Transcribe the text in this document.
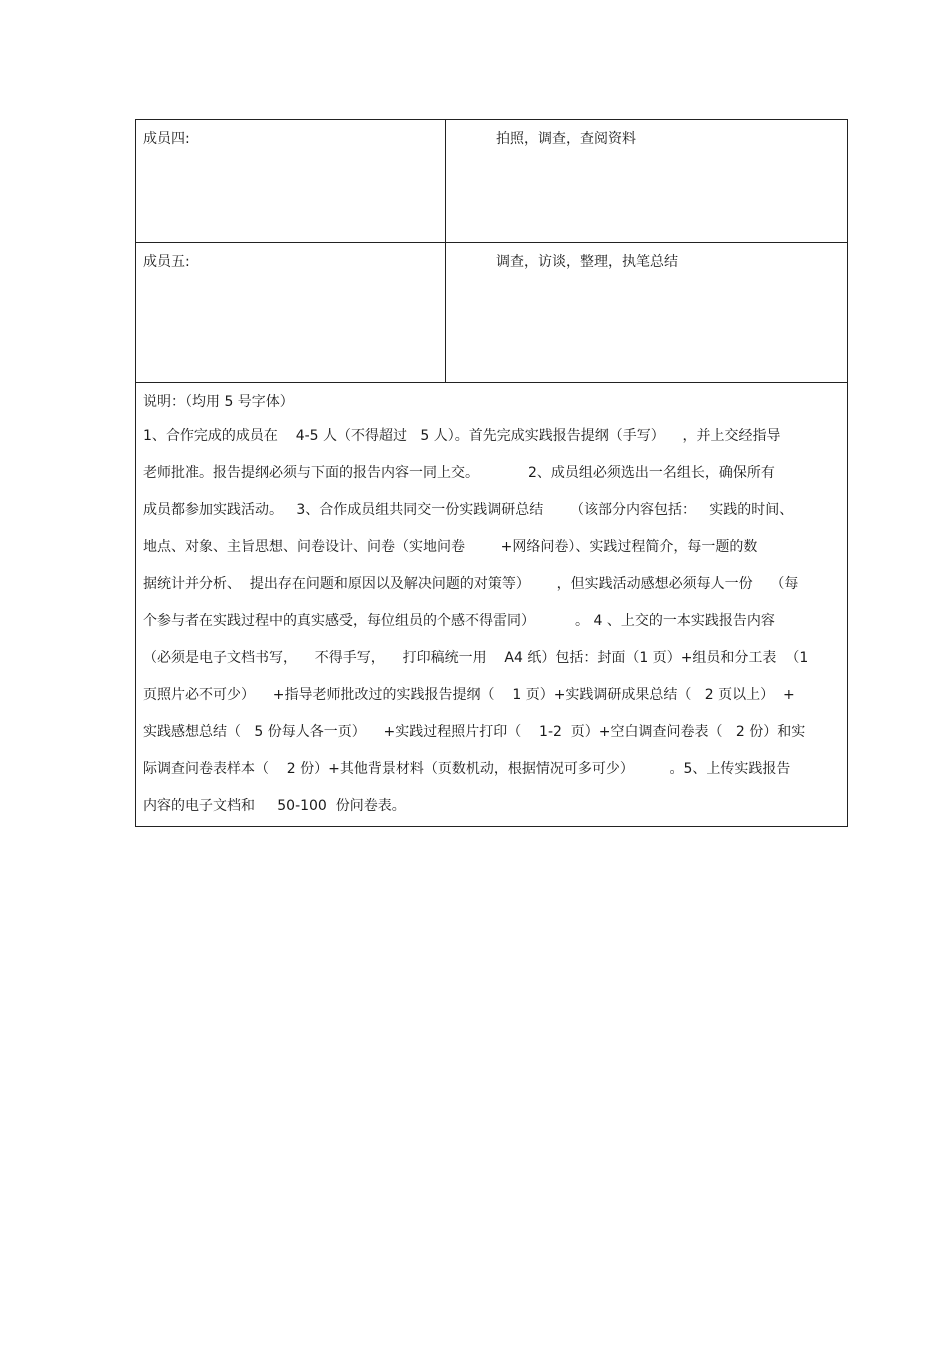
成员四:	拍照，调查，查阅资料
成员五:	调查，访谈，整理，执笔总结
说明：（均用 5 号字体）
1、合作完成的成员在    4-5 人（不得超过   5 人）。首先完成实践报告提纲（手写）    ，并上交经指导
老师批准。报告提纲必须与下面的报告内容一同上交。           2、成员组必须选出一名组长，确保所有
成员都参加实践活动。   3、合作成员组共同交一份实践调研总结      （该部分内容包括：   实践的时间、
地点、对象、主旨思想、问卷设计、问卷（实地问卷        +网络问卷）、实践过程简介，每一题的数
据统计并分析、  提出存在问题和原因以及解决问题的对策等）      ，但实践活动感想必须每人一份    （每
个参与者在实践过程中的真实感受，每位组员的个感不得雷同）         。 4 、上交的一本实践报告内容
（必须是电子文档书写，    不得手写，    打印稿统一用    A4 纸）包括：封面（1 页）+组员和分工表  （1
页照片必不可少）    +指导老师批改过的实践报告提纲（    1 页）+实践调研成果总结（   2 页以上）  +
实践感想总结（   5 份每人各一页）    +实践过程照片打印（    1-2  页）+空白调查问卷表（   2 份）和实
际调查问卷表样本（    2 份）+其他背景材料（页数机动，根据情况可多可少）        。5、上传实践报告
内容的电子文档和     50-100  份问卷表。
